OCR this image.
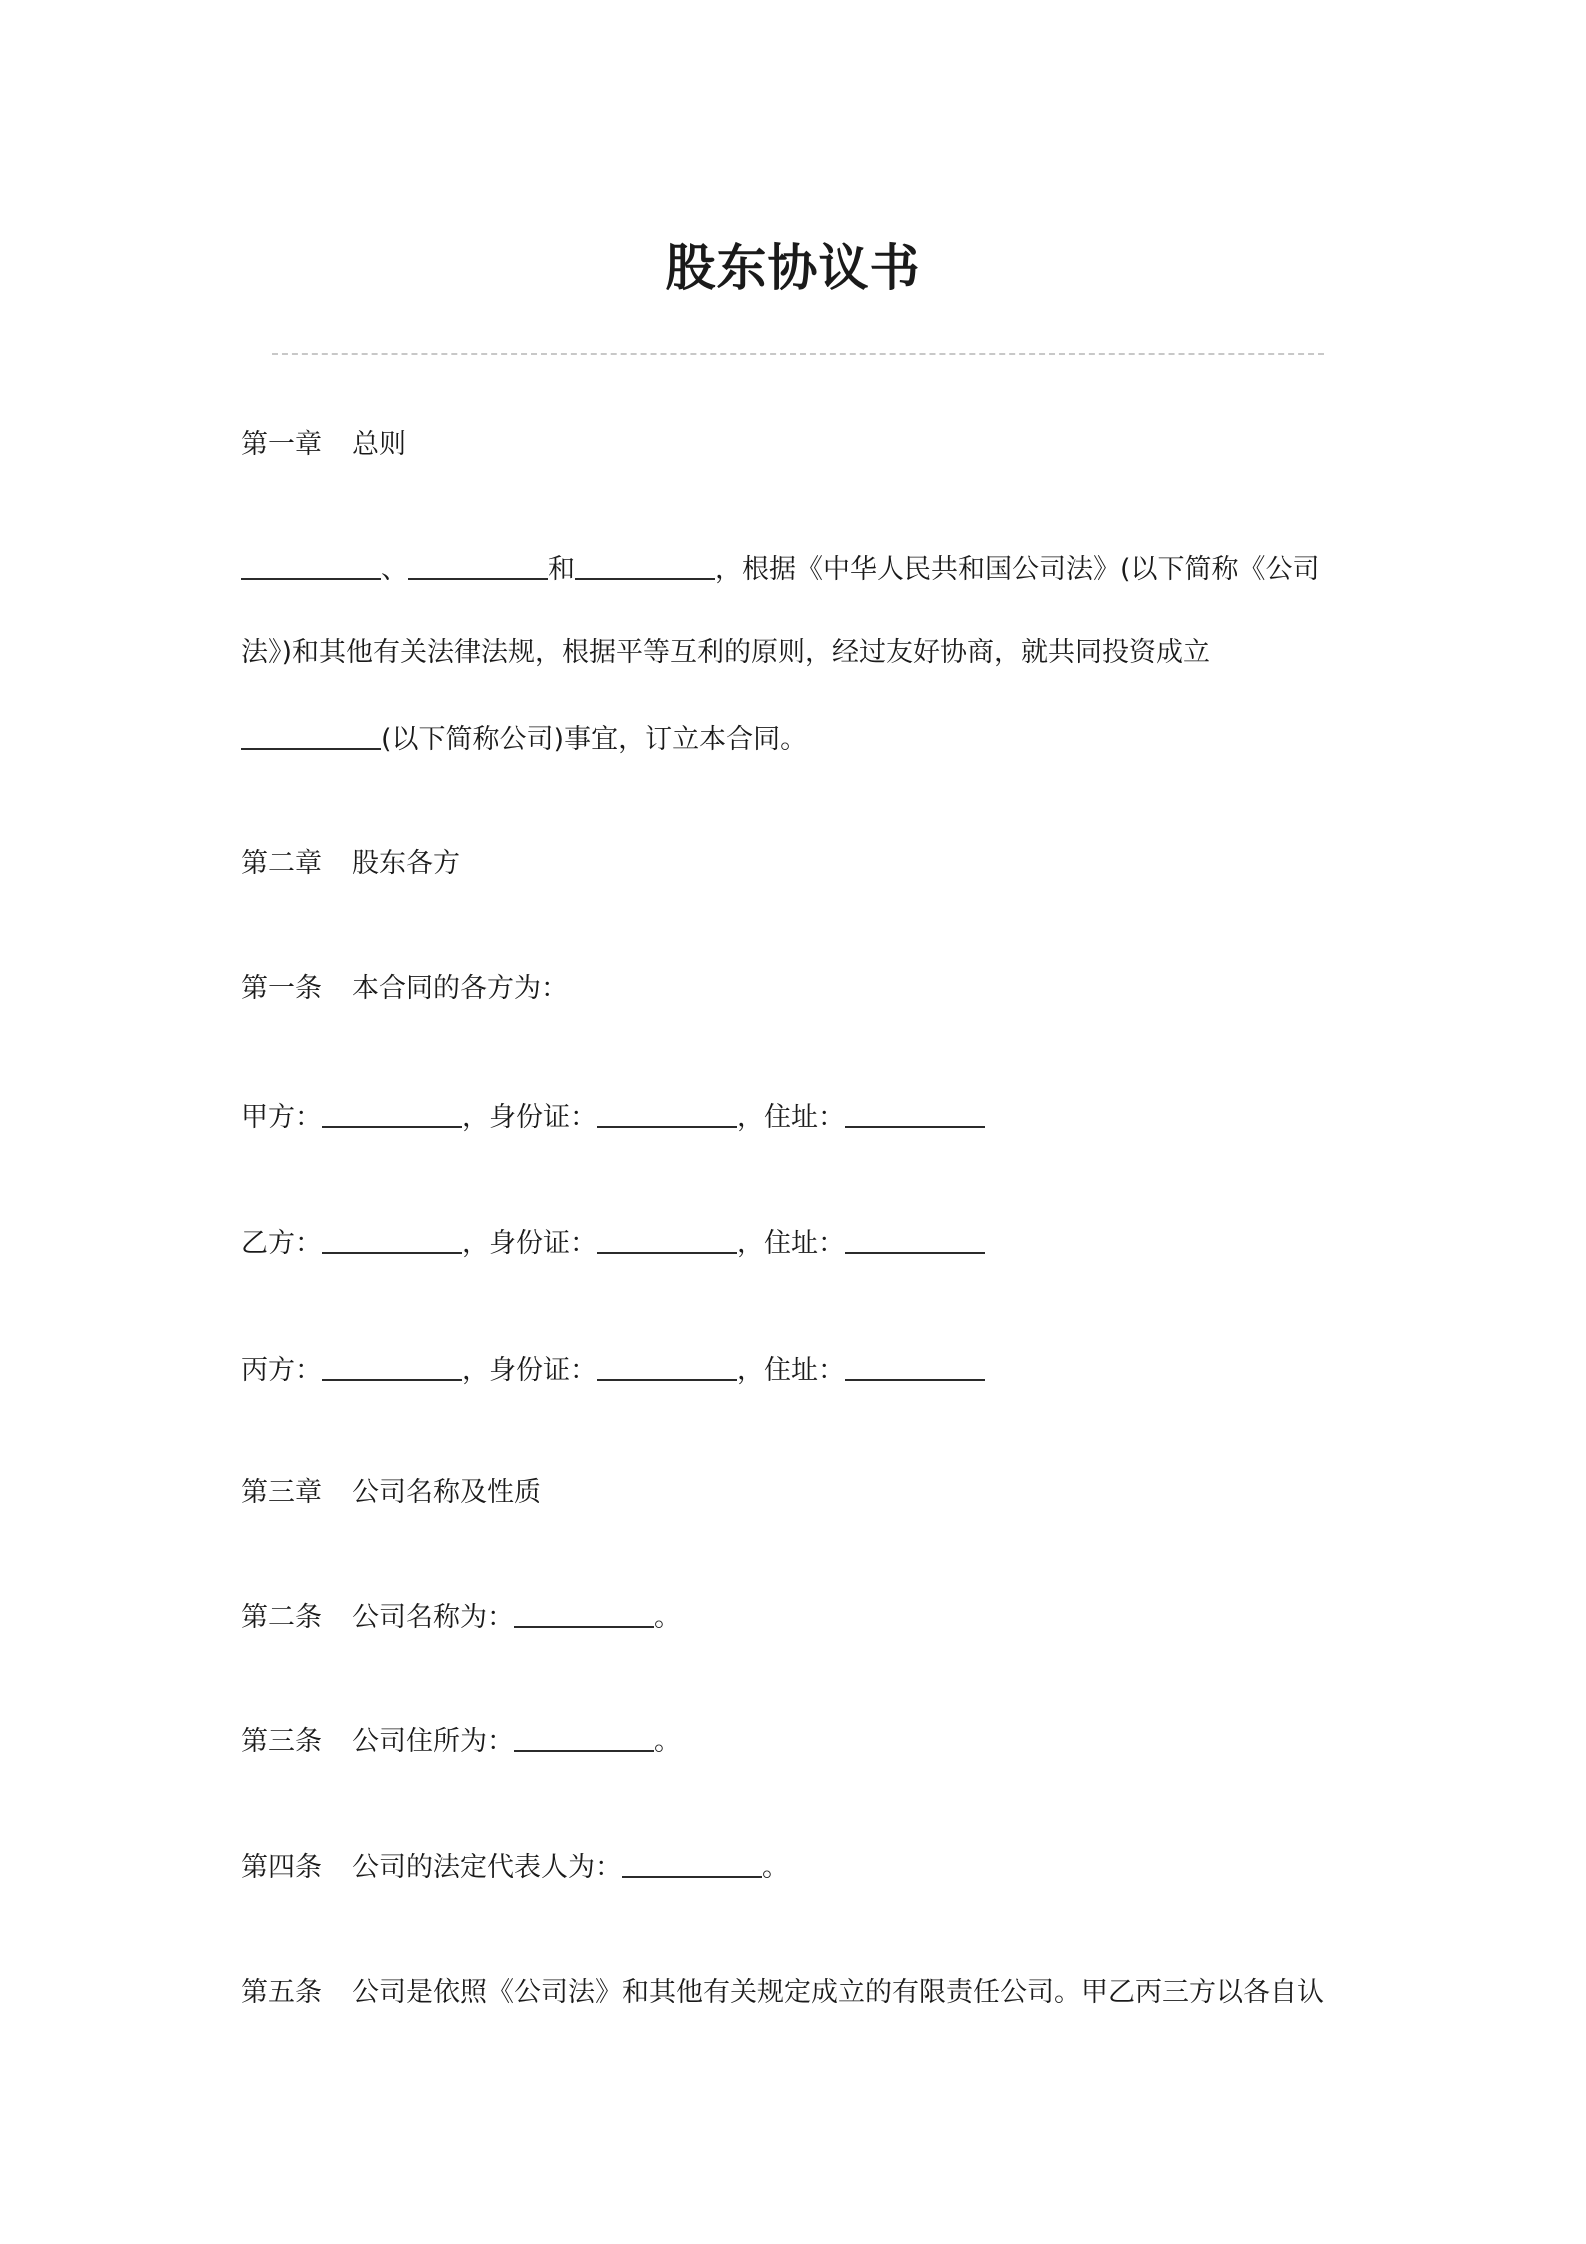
股东协议书
第一章 总则
、	和	，根据《中华人民共和国公司法》(以下简称《公司
法》)和其他有关法律法规，根据平等互利的原则，经过友好协商，就共同投资成立
(以下简称公司)事宜，订立本合同。
第二章 股东各方
第一条 本合同的各方为：
甲方：	，身份证：	，住址：
乙方：	，身份证：	，住址：
丙方：	，身份证：	，住址：
第三章 公司名称及性质
第二条 公司名称为：	。
第三条 公司住所为：	。
第四条 公司的法定代表人为：	。
第五条 公司是依照《公司法》和其他有关规定成立的有限责任公司。甲乙丙三方以各自认
